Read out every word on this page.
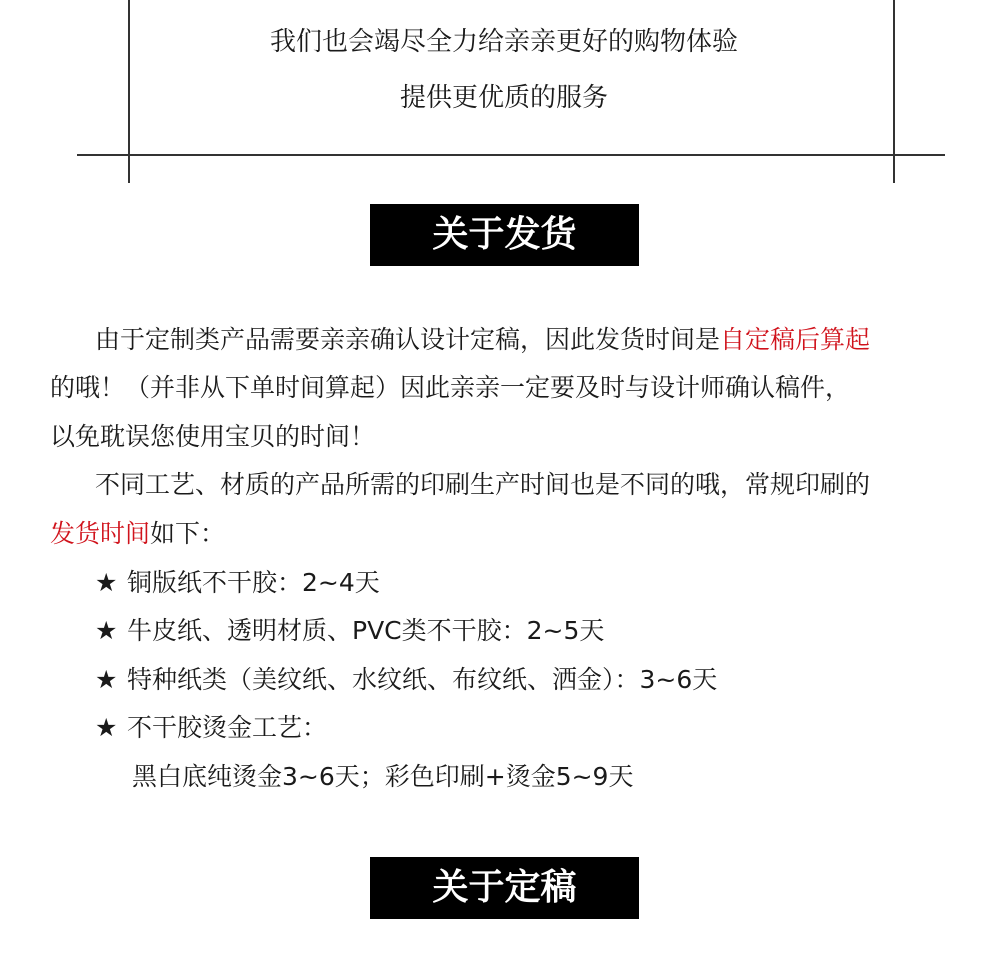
我们也会竭尽全力给亲亲更好的购物体验
提供更优质的服务
关于发货
由于定制类产品需要亲亲确认设计定稿，因此发货时间是自定稿后算起
的哦！（并非从下单时间算起）因此亲亲一定要及时与设计师确认稿件，
以免耽误您使用宝贝的时间！
不同工艺、材质的产品所需的印刷生产时间也是不同的哦，常规印刷的
发货时间如下：
★ 铜版纸不干胶：2~4天
★ 牛皮纸、透明材质、PVC类不干胶：2~5天
★ 特种纸类（美纹纸、水纹纸、布纹纸、洒金）：3~6天
★ 不干胶烫金工艺：
黑白底纯烫金3~6天；彩色印刷+烫金5~9天
关于定稿
